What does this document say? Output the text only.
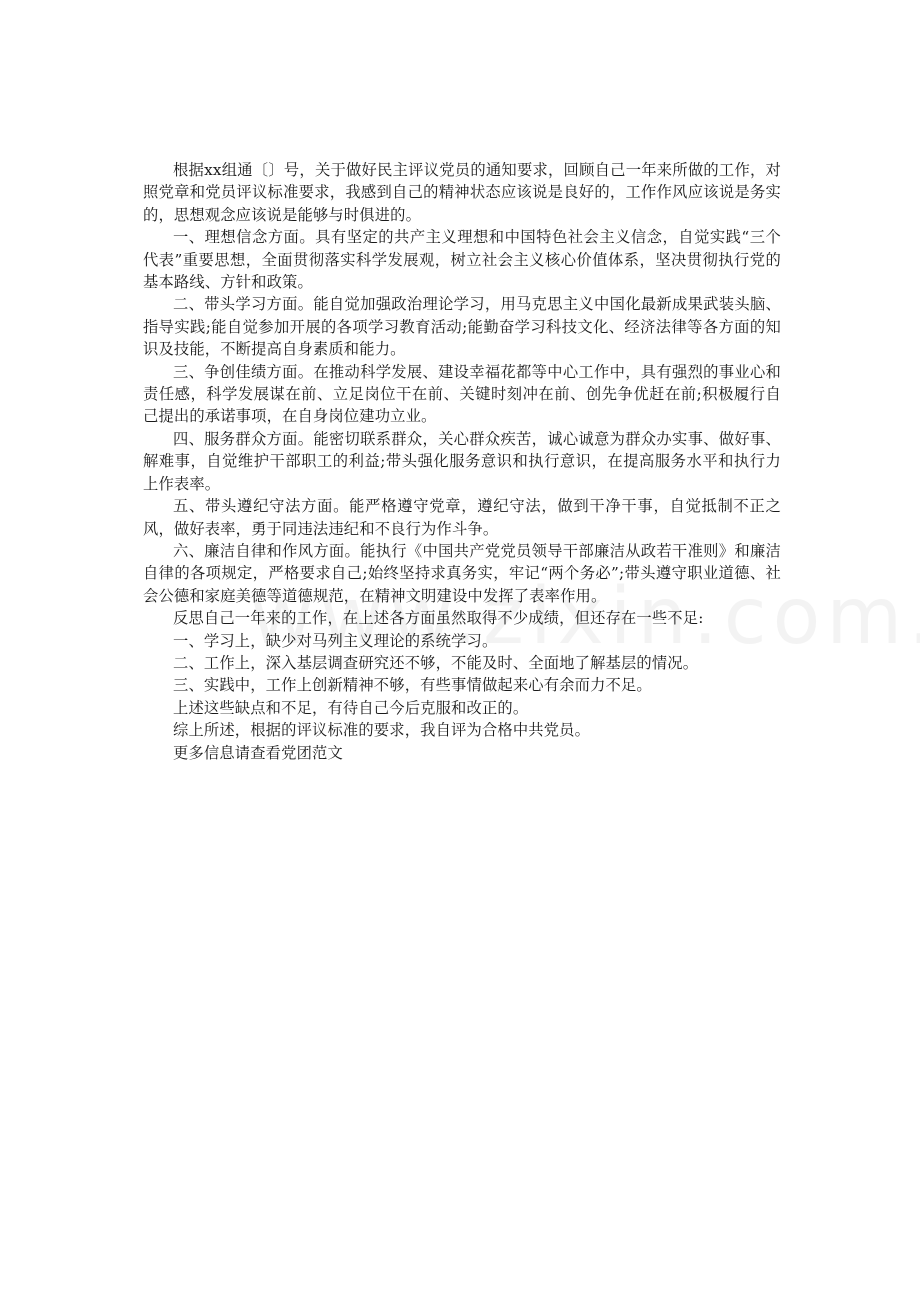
根据xx组通〔〕号，关于做好民主评议党员的通知要求，回顾自己一年来所做的工作，对照党章和党员评议标准要求，我感到自己的精神状态应该说是良好的，工作作风应该说是务实的，思想观念应该说是能够与时俱进的。

一、理想信念方面。具有坚定的共产主义理想和中国特色社会主义信念，自觉实践“三个代表”重要思想，全面贯彻落实科学发展观，树立社会主义核心价值体系，坚决贯彻执行党的基本路线、方针和政策。

二、带头学习方面。能自觉加强政治理论学习，用马克思主义中国化最新成果武装头脑、指导实践;能自觉参加开展的各项学习教育活动;能勤奋学习科技文化、经济法律等各方面的知识及技能，不断提高自身素质和能力。

三、争创佳绩方面。在推动科学发展、建设幸福花都等中心工作中，具有强烈的事业心和责任感，科学发展谋在前、立足岗位干在前、关键时刻冲在前、创先争优赶在前;积极履行自己提出的承诺事项，在自身岗位建功立业。

四、服务群众方面。能密切联系群众，关心群众疾苦，诚心诚意为群众办实事、做好事、解难事，自觉维护干部职工的利益;带头强化服务意识和执行意识，在提高服务水平和执行力上作表率。

五、带头遵纪守法方面。能严格遵守党章，遵纪守法，做到干净干事，自觉抵制不正之风，做好表率，勇于同违法违纪和不良行为作斗争。

六、廉洁自律和作风方面。能执行《中国共产党党员领导干部廉洁从政若干准则》和廉洁自律的各项规定，严格要求自己;始终坚持求真务实，牢记“两个务必”;带头遵守职业道德、社会公德和家庭美德等道德规范，在精神文明建设中发挥了表率作用。

反思自己一年来的工作，在上述各方面虽然取得不少成绩，但还存在一些不足:

一、学习上，缺少对马列主义理论的系统学习。

二、工作上，深入基层调查研究还不够，不能及时、全面地了解基层的情况。

三、实践中，工作上创新精神不够，有些事情做起来心有余而力不足。

上述这些缺点和不足，有待自己今后克服和改正的。

综上所述，根据的评议标准的要求，我自评为合格中共党员。

更多信息请查看党团范文
